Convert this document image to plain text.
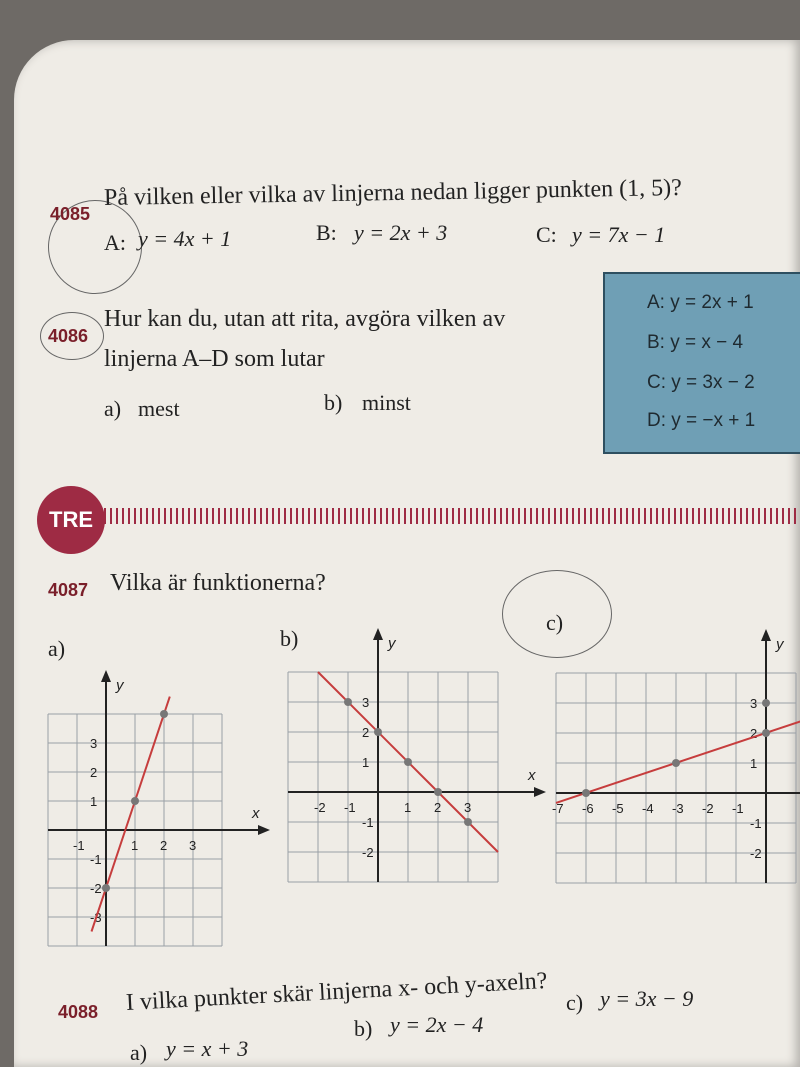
4085
På vilken eller vilka av linjerna nedan ligger punkten (1, 5)?
A: y = 4x + 1	B: y = 2x + 3	C: y = 7x − 1
4086
Hur kan du, utan att rita, avgöra vilken av
linjerna A–D som lutar
a) mest	b) minst
4087 Vilka är funktionerna?
a)	b)
c)
4088 I vilka punkter skär linjerna x- och y-axeln?
a) y = x + 3
b) y = 2x − 4
c) y = 3x − 9
A: y = 2x + 1
B: y = x − 4
C: y = 3x − 2
D: y = −x + 1
TRE
x
y
-1	1 2 3
3
2
1
-1
-2
-3
x
y
-2 -1	1 2 3
3
2
1
-1
-2
y
-7 -6 -5 -4 -3 -2 -1
3
2
1
-1
-2
